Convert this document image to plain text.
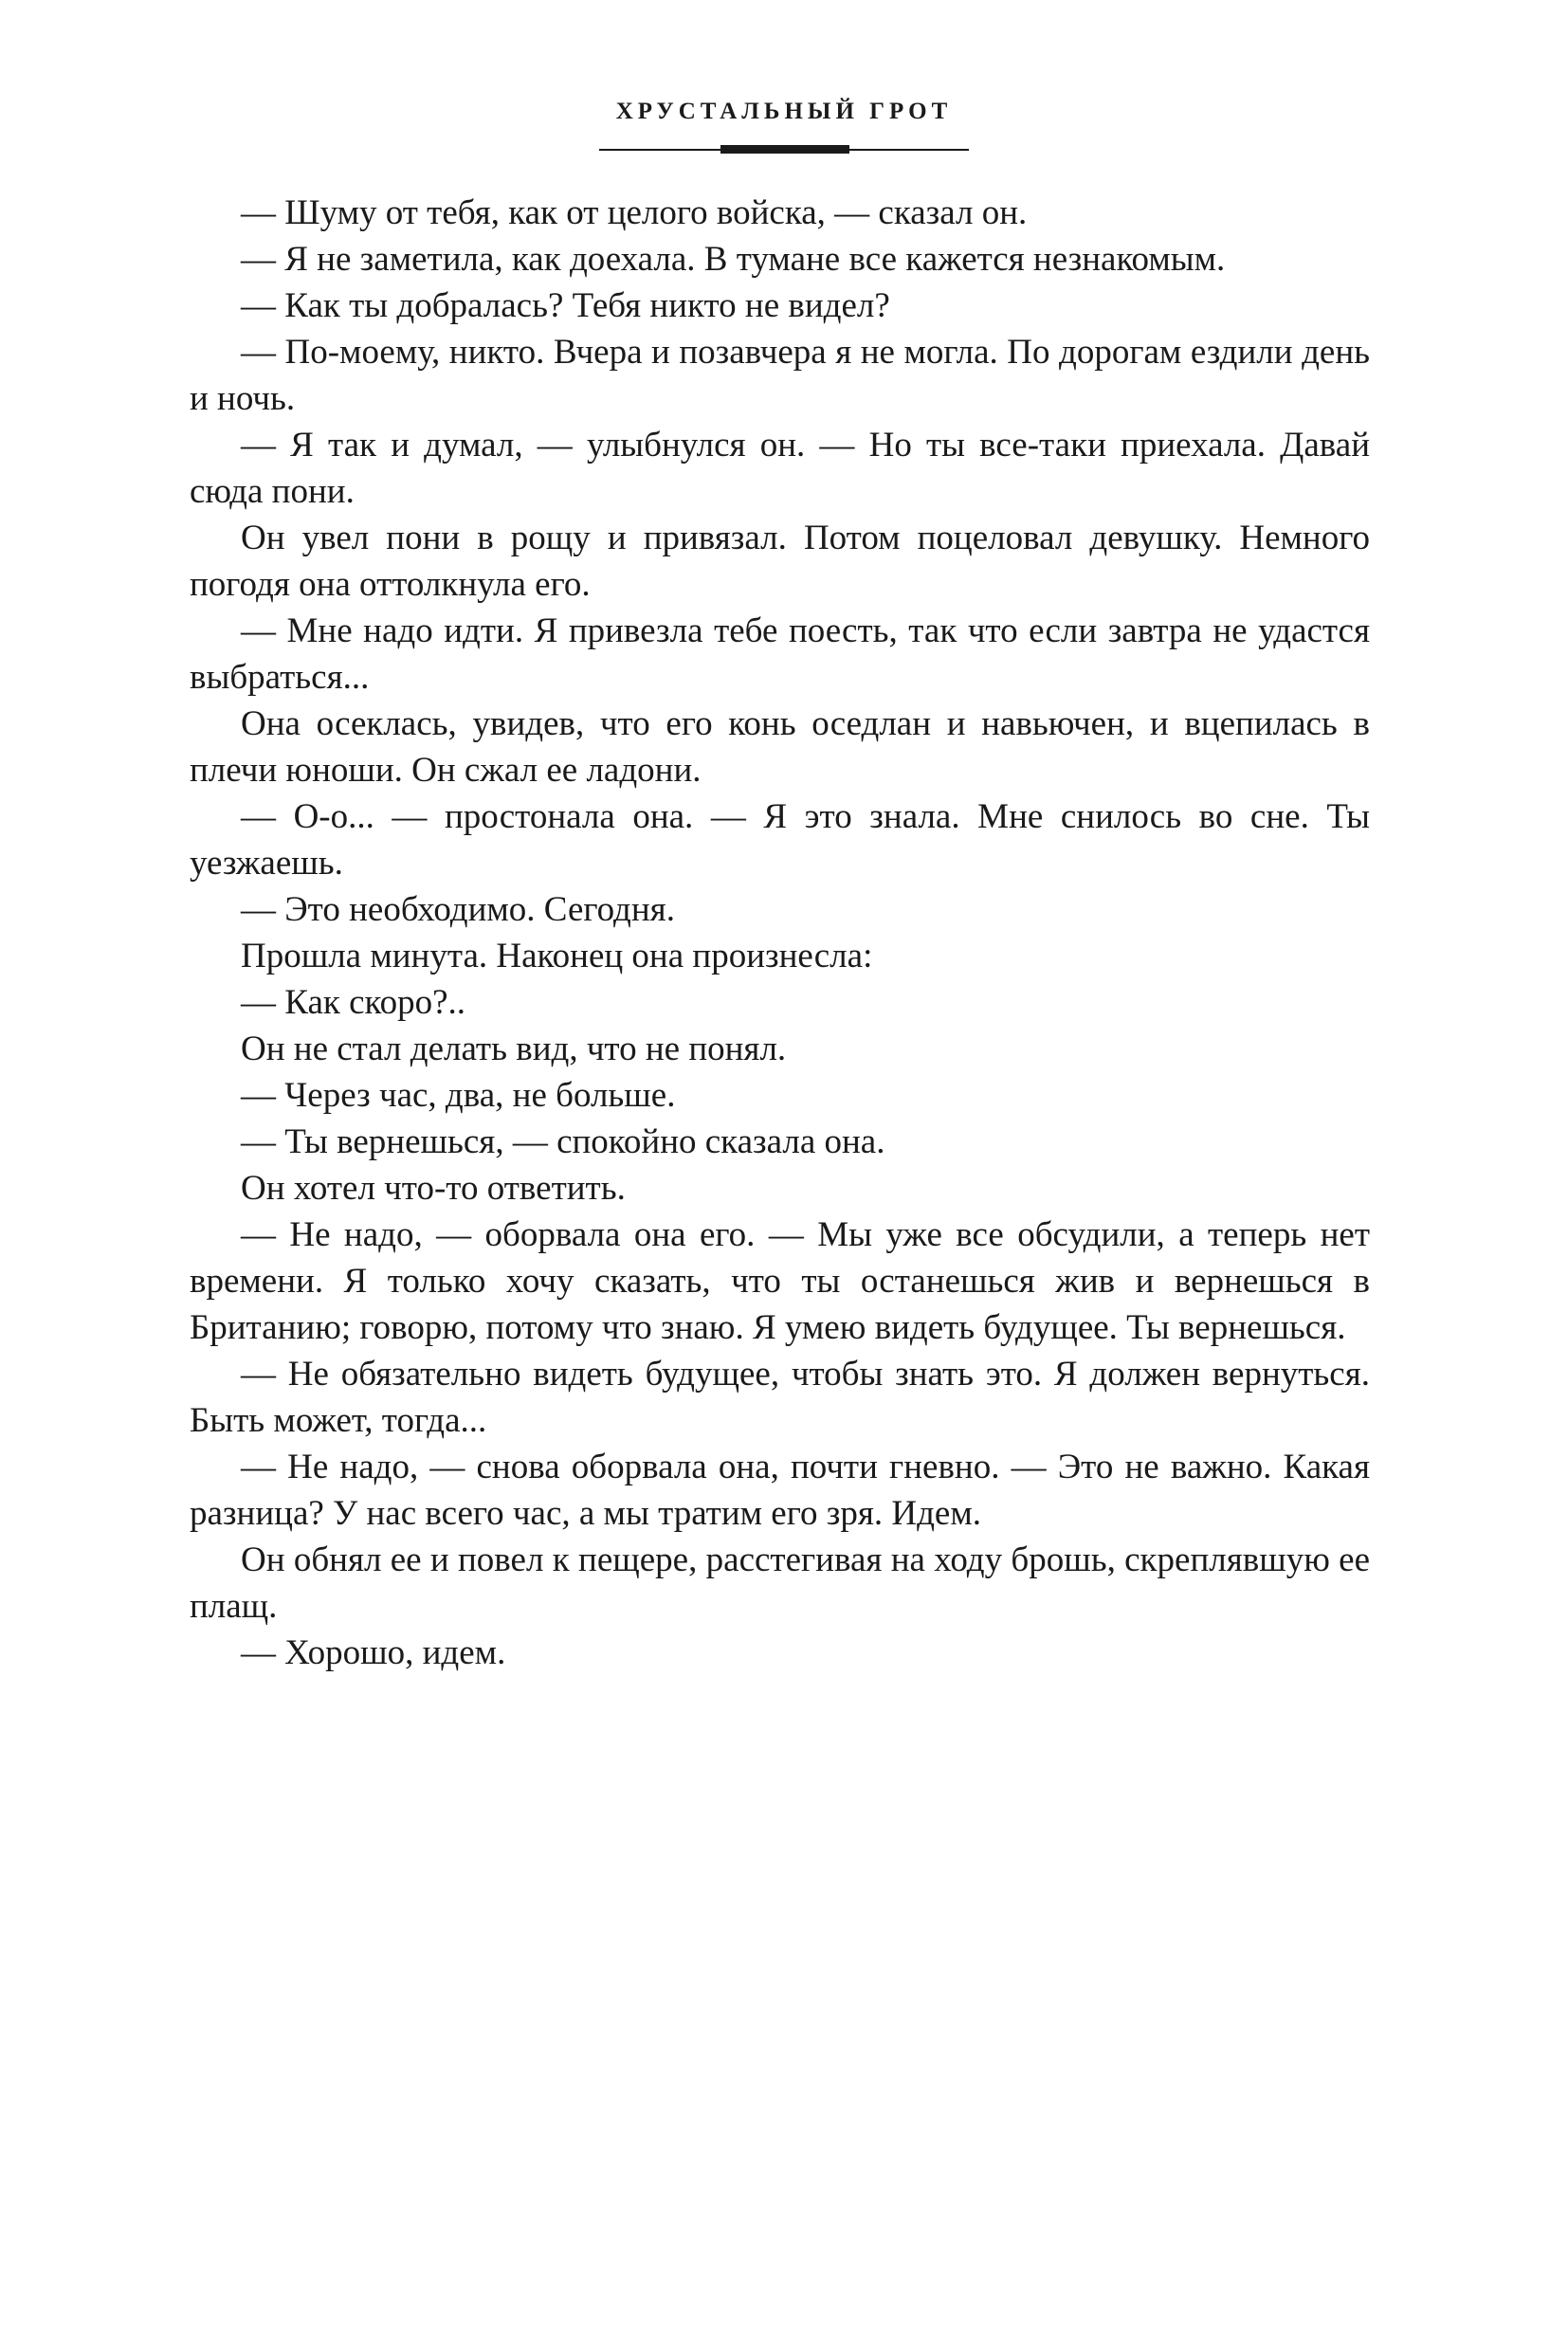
ХРУСТАЛЬНЫЙ ГРОТ

— Шуму от тебя, как от целого войска, — сказал он.

— Я не заметила, как доехала. В тумане все кажется незнакомым.

— Как ты добралась? Тебя никто не видел?

— По-моему, никто. Вчера и позавчера я не могла. По дорогам ездили день и ночь.

— Я так и думал, — улыбнулся он. — Но ты все-таки приехала. Давай сюда пони.

Он увел пони в рощу и привязал. Потом поцеловал девушку. Немного погодя она оттолкнула его.

— Мне надо идти. Я привезла тебе поесть, так что если завтра не удастся выбраться...

Она осеклась, увидев, что его конь оседлан и навьючен, и вцепилась в плечи юноши. Он сжал ее ладони.

— О-о... — простонала она. — Я это знала. Мне снилось во сне. Ты уезжаешь.

— Это необходимо. Сегодня.

Прошла минута. Наконец она произнесла:

— Как скоро?..

Он не стал делать вид, что не понял.

— Через час, два, не больше.

— Ты вернешься, — спокойно сказала она.

Он хотел что-то ответить.

— Не надо, — оборвала она его. — Мы уже все обсудили, а теперь нет времени. Я только хочу сказать, что ты останешься жив и вернешься в Британию; говорю, потому что знаю. Я умею видеть будущее. Ты вернешься.

— Не обязательно видеть будущее, чтобы знать это. Я должен вернуться. Быть может, тогда...

— Не надо, — снова оборвала она, почти гневно. — Это не важно. Какая разница? У нас всего час, а мы тратим его зря. Идем.

Он обнял ее и повел к пещере, расстегивая на ходу брошь, скреплявшую ее плащ.

— Хорошо, идем.
